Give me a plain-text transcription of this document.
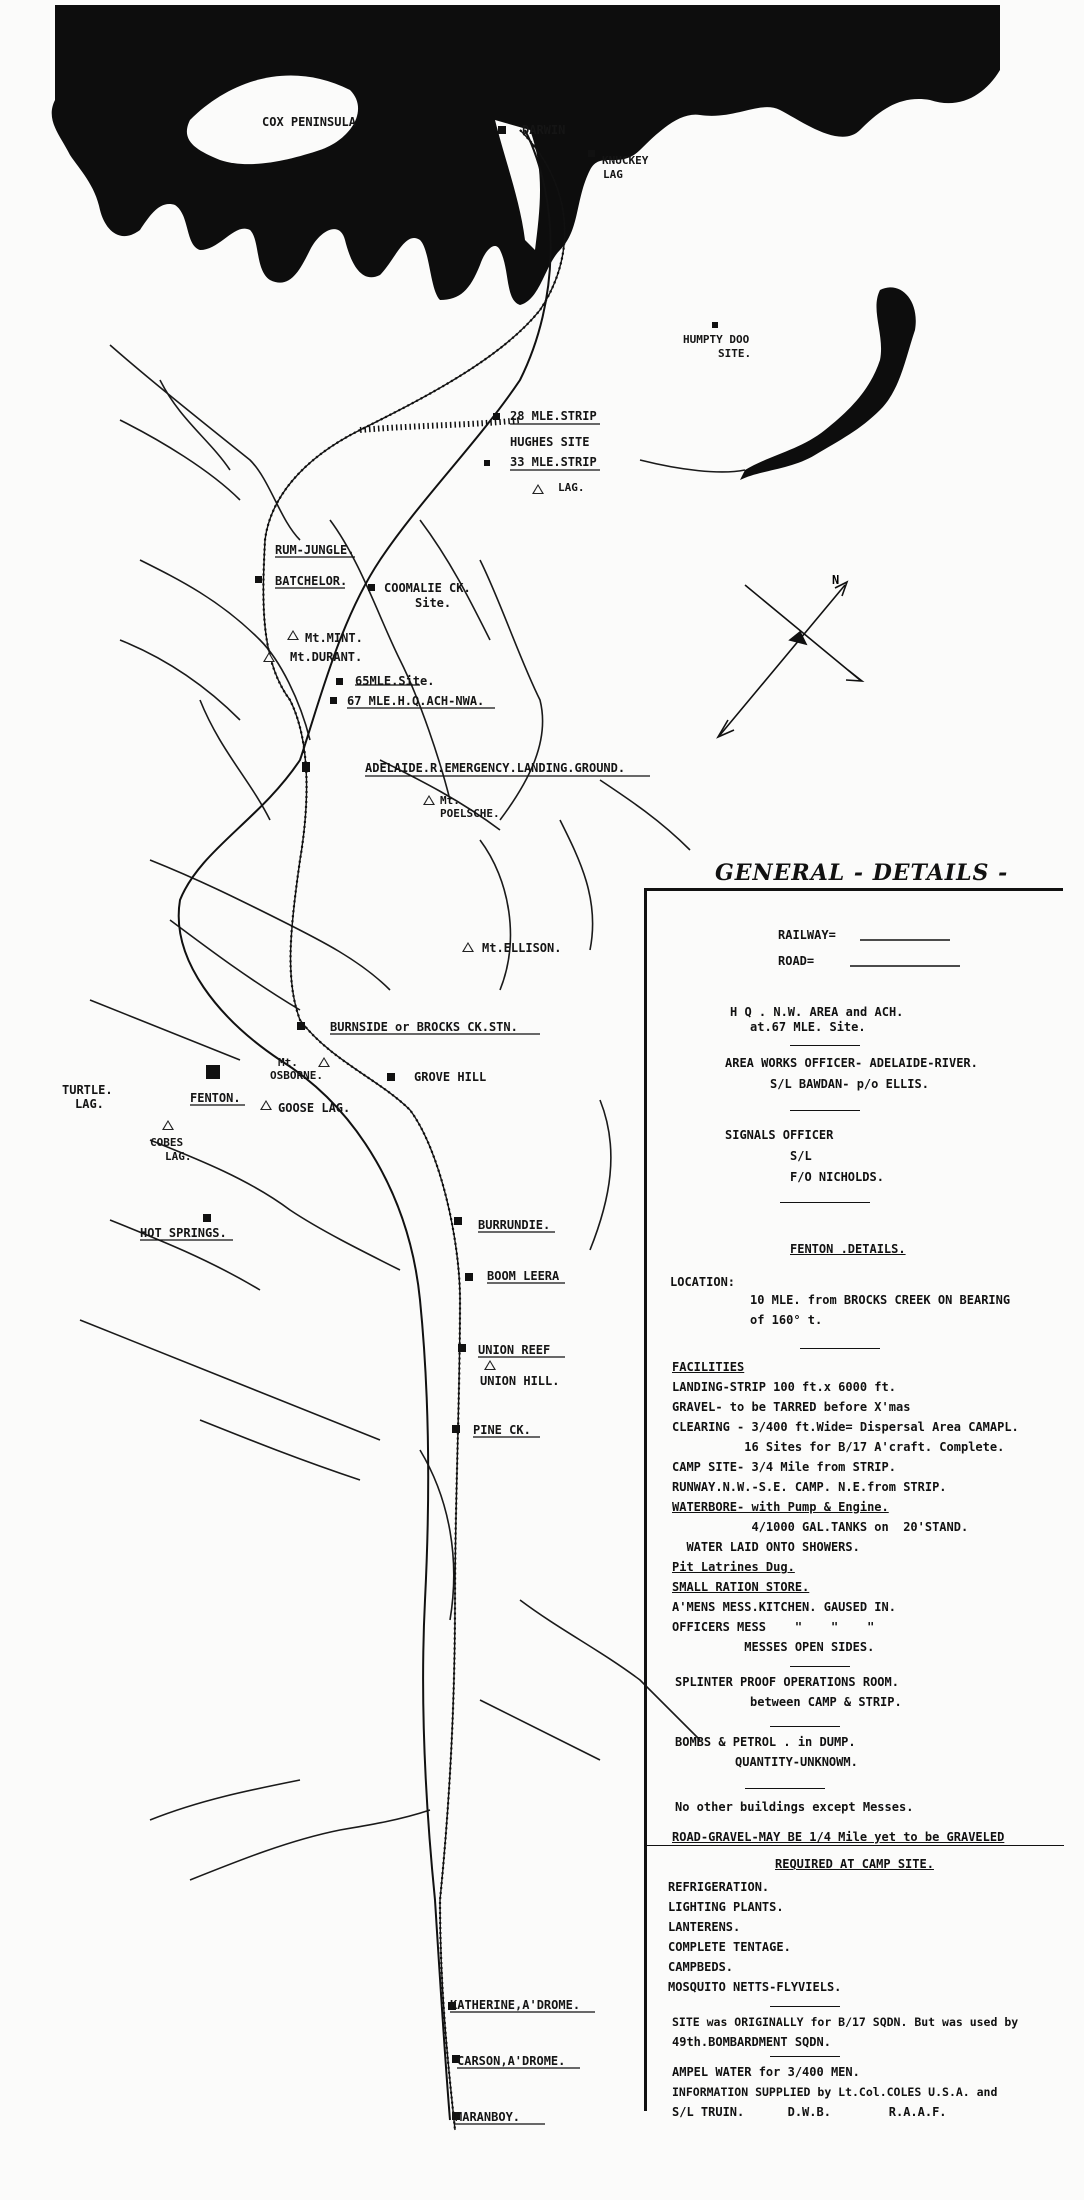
N
COX PENINSULA
DARWIN
KNUCKEY
LAG
HUMPTY DOO
SITE.
28 MLE.STRIP
HUGHES SITE
33 MLE.STRIP
LAG.
RUM-JUNGLE.
BATCHELOR.	COOMALIE CK.
Site.
Mt.MINT.
Mt.DURANT.
65MLE.Site.
67 MLE.H.Q.ACH-NWA.
ADELAIDE.R.EMERGENCY.LANDING.GROUND.
Mt.
POELSCHE.
Mt.ELLISON.
BURNSIDE or BROCKS CK.STN.
Mt.
OSBORNE.	GROVE HILL
TURTLE.
LAG.	FENTON.
GOOSE LAG.
COBES
LAG.
HOT SPRINGS.
BURRUNDIE.
BOOM LEERA
UNION REEF
UNION HILL.
PINE CK.
KATHERINE,A'DROME.
CARSON,A'DROME.
MARANBOY.
GENERAL - DETAILS -
RAILWAY=
ROAD=
H Q . N.W. AREA and ACH.
at.67 MLE. Site.
AREA WORKS OFFICER- ADELAIDE-RIVER.
S/L BAWDAN- p/o ELLIS.
SIGNALS OFFICER
S/L
F/O NICHOLDS.
FENTON .DETAILS.
LOCATION:
10 MLE. from BROCKS CREEK ON BEARING
of 160° t.
FACILITIES
LANDING-STRIP 100 ft.x 6000 ft.
GRAVEL- to be TARRED before X'mas
CLEARING - 3/400 ft.Wide= Dispersal Area CAMAPL.
16 Sites for B/17 A'craft. Complete.
CAMP SITE- 3/4 Mile from STRIP.
RUNWAY.N.W.-S.E. CAMP. N.E.from STRIP.
WATERBORE- with Pump & Engine.
4/1000 GAL.TANKS on  20'STAND.
WATER LAID ONTO SHOWERS.
Pit Latrines Dug.
SMALL RATION STORE.
A'MENS MESS.KITCHEN. GAUSED IN.
OFFICERS MESS    "    "    "
MESSES OPEN SIDES.
SPLINTER PROOF OPERATIONS ROOM.
between CAMP & STRIP.
BOMBS & PETROL . in DUMP.
QUANTITY-UNKNOWM.
No other buildings except Messes.
ROAD-GRAVEL-MAY BE 1/4 Mile yet to be GRAVELED
REQUIRED AT CAMP SITE.
REFRIGERATION.
LIGHTING PLANTS.
LANTERENS.
COMPLETE TENTAGE.
CAMPBEDS.
MOSQUITO NETTS-FLYVIELS.
SITE was ORIGINALLY for B/17 SQDN. But was used by
49th.BOMBARDMENT SQDN.
AMPEL WATER for 3/400 MEN.
INFORMATION SUPPLIED by Lt.Col.COLES U.S.A. and
S/L TRUIN.      D.W.B.        R.A.A.F.
